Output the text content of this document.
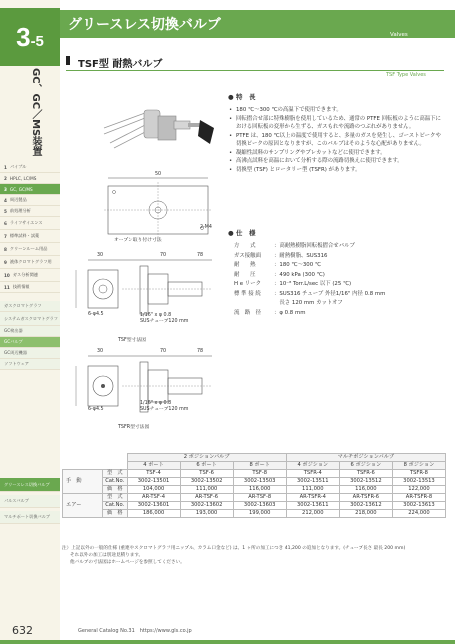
3-5
GC、GC／MS装置
1 パイプル
2 HPLC, LC/MS
3 GC, GC/MS
4 周辺製品
5 前処理分析
6 ライフサイエンス
7 標準試料・試薬
8 クリーンルーム用品
9 液体クロマトグラフ用
10 ガス分析関連
11 技術情報
ガスクロマトグラフ
システムガスクロマトグラフ
GC検出器
GCバルブ
GC周辺機器
ソフトウェア
グリースレス切換バルブ
パルスバルブ
マルチポート切換バルブ
グリースレス切換バルブ
Valves
TSF型 耐熱バルブ
TSF Type Valves
● 特　長
• 180 ℃～300 ℃の高温下で使用できます。
• 回転摺合せ部に特殊樹脂を使用しているため、通常の PTFE 回転板のように高温下における回転板の変形から生ずる、ガスもれや流路のつぶれがありません。
• PTFE は、180 ℃以上の温度で使用すると、多量のガスを発生し、ゴーストピークや切換ピークの原因となりますが、このバルブはそのような心配がありません。
• 凝縮性試料のサンプリングやプレカットなどに使用できます。
• 高沸点試料を高温において分析する際の流路切換えに使用できます。
• 切換型 (TSF) とロータリー型 (TSFR) があります。
● 仕　様
方　　式	：高耐熱樹脂回転板摺合せバルブ
ガス接触面	：耐熱樹脂、SUS316
耐　　熱	：180 ℃～300 ℃
耐　　圧	：490 kPa (300 ℃)
H e リーク	：10⁻⁸ Torr.L/sec 以下 (25 ℃)
標 準 接 続	：SUS316 チューブ 外径1/16" 内径 0.8 mm
	　長さ 120 mm カットオフ
流　路　径	：φ 0.8 mm
50
2-M4
オープン取り付け寸法
30	70	78
6-φ4.5	1/16" x φ 0.8
SUSチューブ120 mm
TSF型寸法図
30	70	78
6-φ4.5
1/16" x φ 0.8
SUSチューブ120 mm
TSFR型寸法図
		2 ポジションバルブ			マルチポジションバルブ		
		4 ポート	6 ポート	8 ポート	4 ポジション	6 ポジション	8 ポジション
手　動	型　式	TSF-4	TSF-6	TSF-8	TSFR-4	TSFR-6	TSFR-8
	Cat.No.	3002-13501	3002-13502	3002-13503	3002-13511	3002-13512	3002-13513
	価　格	104,000	111,000	116,000	111,000	116,000	122,000
エアー	型　式	AR-TSF-4	AR-TSF-6	AR-TSF-8	AR-TSFR-4	AR-TSFR-6	AR-TSFR-8
	Cat.No.	3002-13601	3002-13602	3002-13603	3002-13611	3002-13612	3002-13613
	価　格	186,000	193,000	199,000	212,000	218,000	224,000
注）上記以外の一般的仕様 (重連やスクロマトグラフ用ニップル、カラム口金など) は、1 ヶ所の加工につき 41,200 の追加となります。(チューブ長さ 最長 200 mm)
それ以外の加工は別途見積ります。
他バルブの寸法図はホームページを参照してください。
632	General Catalog No.31　https://www.gls.co.jp
